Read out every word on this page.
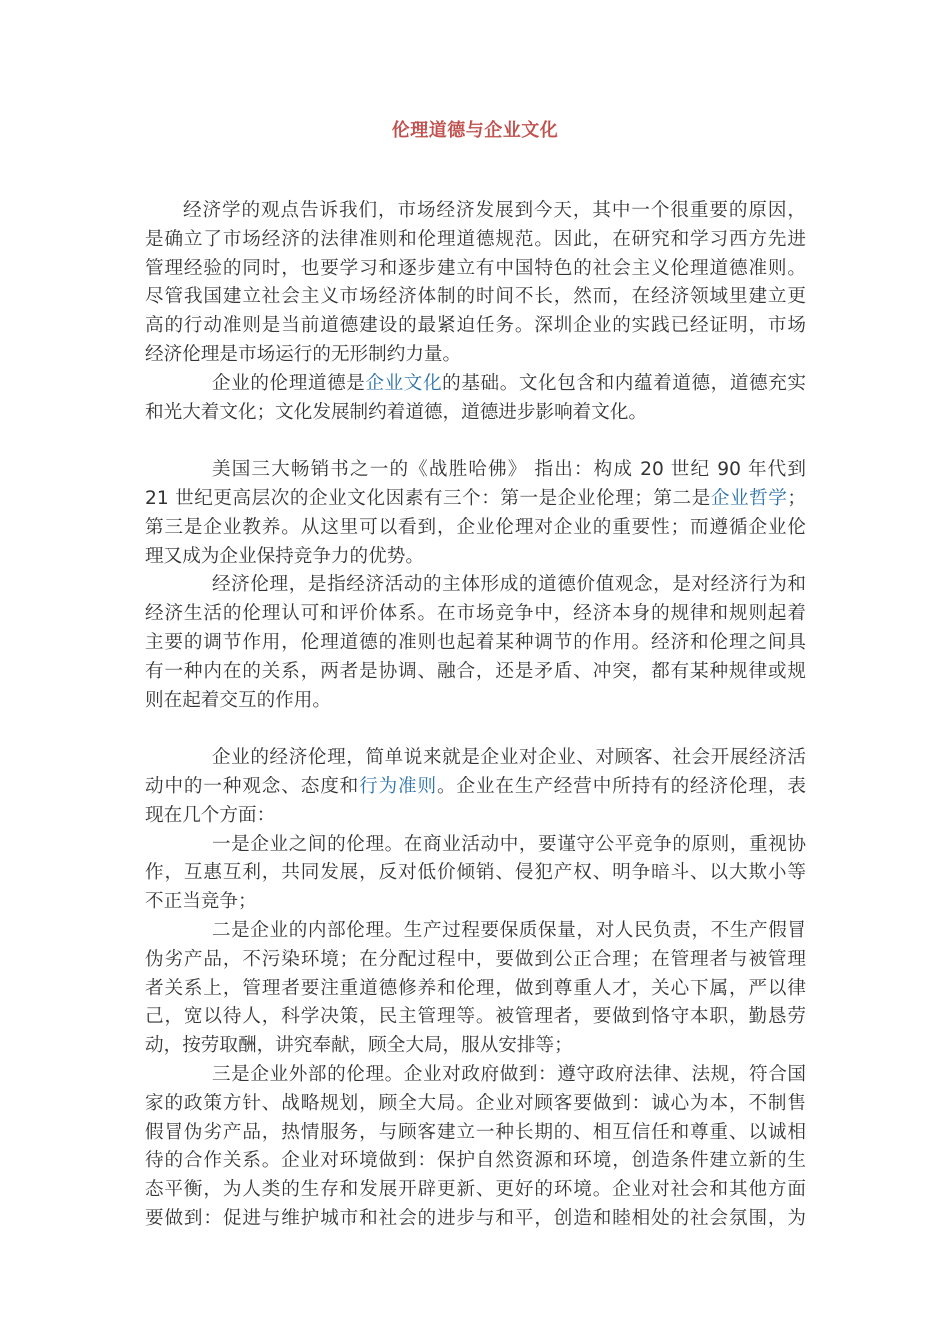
伦理道德与企业文化
经济学的观点告诉我们，市场经济发展到今天，其中一个很重要的原因，
是确立了市场经济的法律准则和伦理道德规范。因此，在研究和学习西方先进
管理经验的同时，也要学习和逐步建立有中国特色的社会主义伦理道德准则。
尽管我国建立社会主义市场经济体制的时间不长，然而，在经济领域里建立更
高的行动准则是当前道德建设的最紧迫任务。深圳企业的实践已经证明，市场
经济伦理是市场运行的无形制约力量。
企业的伦理道德是企业文化的基础。文化包含和内蕴着道德，道德充实
和光大着文化；文化发展制约着道德，道德进步影响着文化。
美国三大畅销书之一的《战胜哈佛》 指出：构成 20 世纪 90 年代到
21 世纪更高层次的企业文化因素有三个：第一是企业伦理；第二是企业哲学；
第三是企业教养。从这里可以看到，企业伦理对企业的重要性；而遵循企业伦
理又成为企业保持竞争力的优势。
经济伦理，是指经济活动的主体形成的道德价值观念，是对经济行为和
经济生活的伦理认可和评价体系。在市场竞争中，经济本身的规律和规则起着
主要的调节作用，伦理道德的准则也起着某种调节的作用。经济和伦理之间具
有一种内在的关系，两者是协调、融合，还是矛盾、冲突，都有某种规律或规
则在起着交互的作用。
企业的经济伦理，简单说来就是企业对企业、对顾客、社会开展经济活
动中的一种观念、态度和行为准则。企业在生产经营中所持有的经济伦理，表
现在几个方面：
一是企业之间的伦理。在商业活动中，要谨守公平竞争的原则，重视协
作，互惠互利，共同发展，反对低价倾销、侵犯产权、明争暗斗、以大欺小等
不正当竞争；
二是企业的内部伦理。生产过程要保质保量，对人民负责，不生产假冒
伪劣产品，不污染环境；在分配过程中，要做到公正合理；在管理者与被管理
者关系上，管理者要注重道德修养和伦理，做到尊重人才，关心下属，严以律
己，宽以待人，科学决策，民主管理等。被管理者，要做到恪守本职，勤恳劳
动，按劳取酬，讲究奉献，顾全大局，服从安排等；
三是企业外部的伦理。企业对政府做到：遵守政府法律、法规，符合国
家的政策方针、战略规划，顾全大局。企业对顾客要做到：诚心为本，不制售
假冒伪劣产品，热情服务，与顾客建立一种长期的、相互信任和尊重、以诚相
待的合作关系。企业对环境做到：保护自然资源和环境，创造条件建立新的生
态平衡，为人类的生存和发展开辟更新、更好的环境。企业对社会和其他方面
要做到：促进与维护城市和社会的进步与和平，创造和睦相处的社会氛围，为
